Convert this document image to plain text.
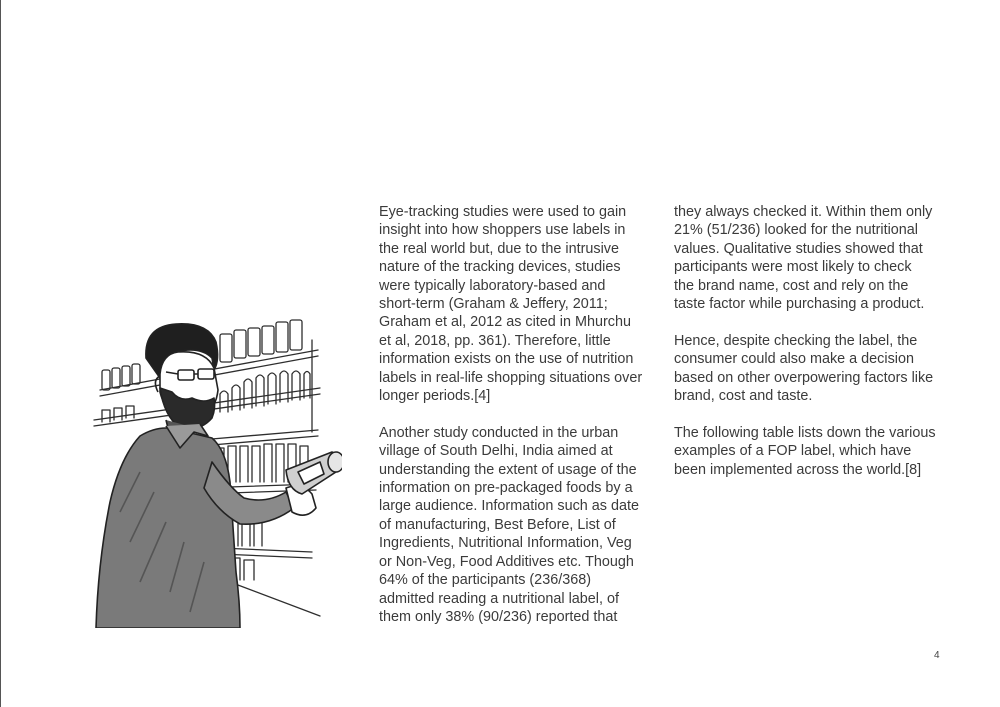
Eye-tracking studies were used to gain
insight into how shoppers use labels in
the real world but, due to the intrusive
nature of the tracking devices, studies
were typically laboratory-based and
short-term (Graham & Jeffery, 2011;
Graham et al, 2012 as cited in Mhurchu
et al, 2018, pp. 361). Therefore, little
information exists on the use of nutrition
labels in real-life shopping situations over
longer periods.[4]

Another study conducted in the urban
village of South Delhi, India aimed at
understanding the extent of usage of the
information on pre-packaged foods by a
large audience. Information such as date
of manufacturing, Best Before, List of
Ingredients, Nutritional Information, Veg
or Non-Veg, Food Additives etc. Though
64% of the participants (236/368)
admitted reading a nutritional label, of
them only 38% (90/236) reported that

they always checked it. Within them only
21% (51/236) looked for the nutritional
values. Qualitative studies showed that
participants were most likely to check
the brand name, cost and rely on the
taste factor while purchasing a product.

Hence, despite checking the label, the
consumer could also make a decision
based on other overpowering factors like
brand, cost and taste.

The following table lists down the various
examples of a FOP label, which have
been implemented across the world.[8]

4
